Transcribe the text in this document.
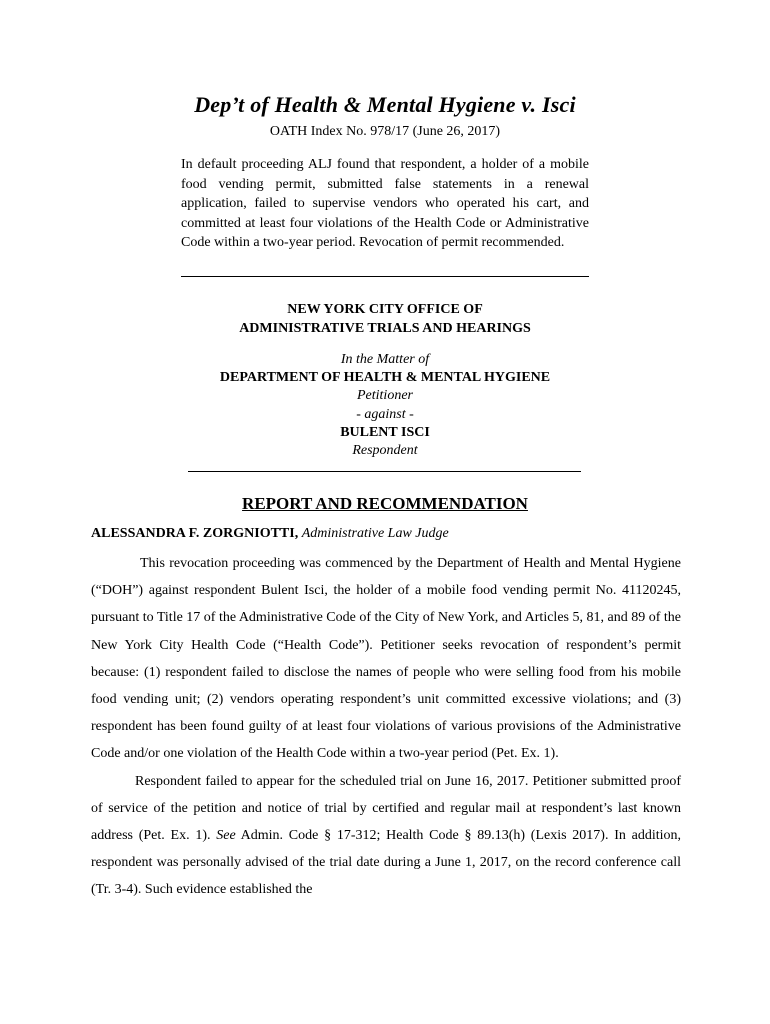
Dep’t of Health & Mental Hygiene v. Isci
OATH Index No. 978/17 (June 26, 2017)
In default proceeding ALJ found that respondent, a holder of a mobile food vending permit, submitted false statements in a renewal application, failed to supervise vendors who operated his cart, and committed at least four violations of the Health Code or Administrative Code within a two-year period. Revocation of permit recommended.
NEW YORK CITY OFFICE OF
ADMINISTRATIVE TRIALS AND HEARINGS
In the Matter of
DEPARTMENT OF HEALTH & MENTAL HYGIENE
Petitioner
- against -
BULENT ISCI
Respondent
REPORT AND RECOMMENDATION
ALESSANDRA F. ZORGNIOTTI, Administrative Law Judge

This revocation proceeding was commenced by the Department of Health and Mental Hygiene (“DOH”) against respondent Bulent Isci, the holder of a mobile food vending permit No. 41120245, pursuant to Title 17 of the Administrative Code of the City of New York, and Articles 5, 81, and 89 of the New York City Health Code (“Health Code”). Petitioner seeks revocation of respondent’s permit because: (1) respondent failed to disclose the names of people who were selling food from his mobile food vending unit; (2) vendors operating respondent’s unit committed excessive violations; and (3) respondent has been found guilty of at least four violations of various provisions of the Administrative Code and/or one violation of the Health Code within a two-year period (Pet. Ex. 1).

Respondent failed to appear for the scheduled trial on June 16, 2017. Petitioner submitted proof of service of the petition and notice of trial by certified and regular mail at respondent’s last known address (Pet. Ex. 1). See Admin. Code § 17-312; Health Code § 89.13(h) (Lexis 2017). In addition, respondent was personally advised of the trial date during a June 1, 2017, on the record conference call (Tr. 3-4). Such evidence established the
